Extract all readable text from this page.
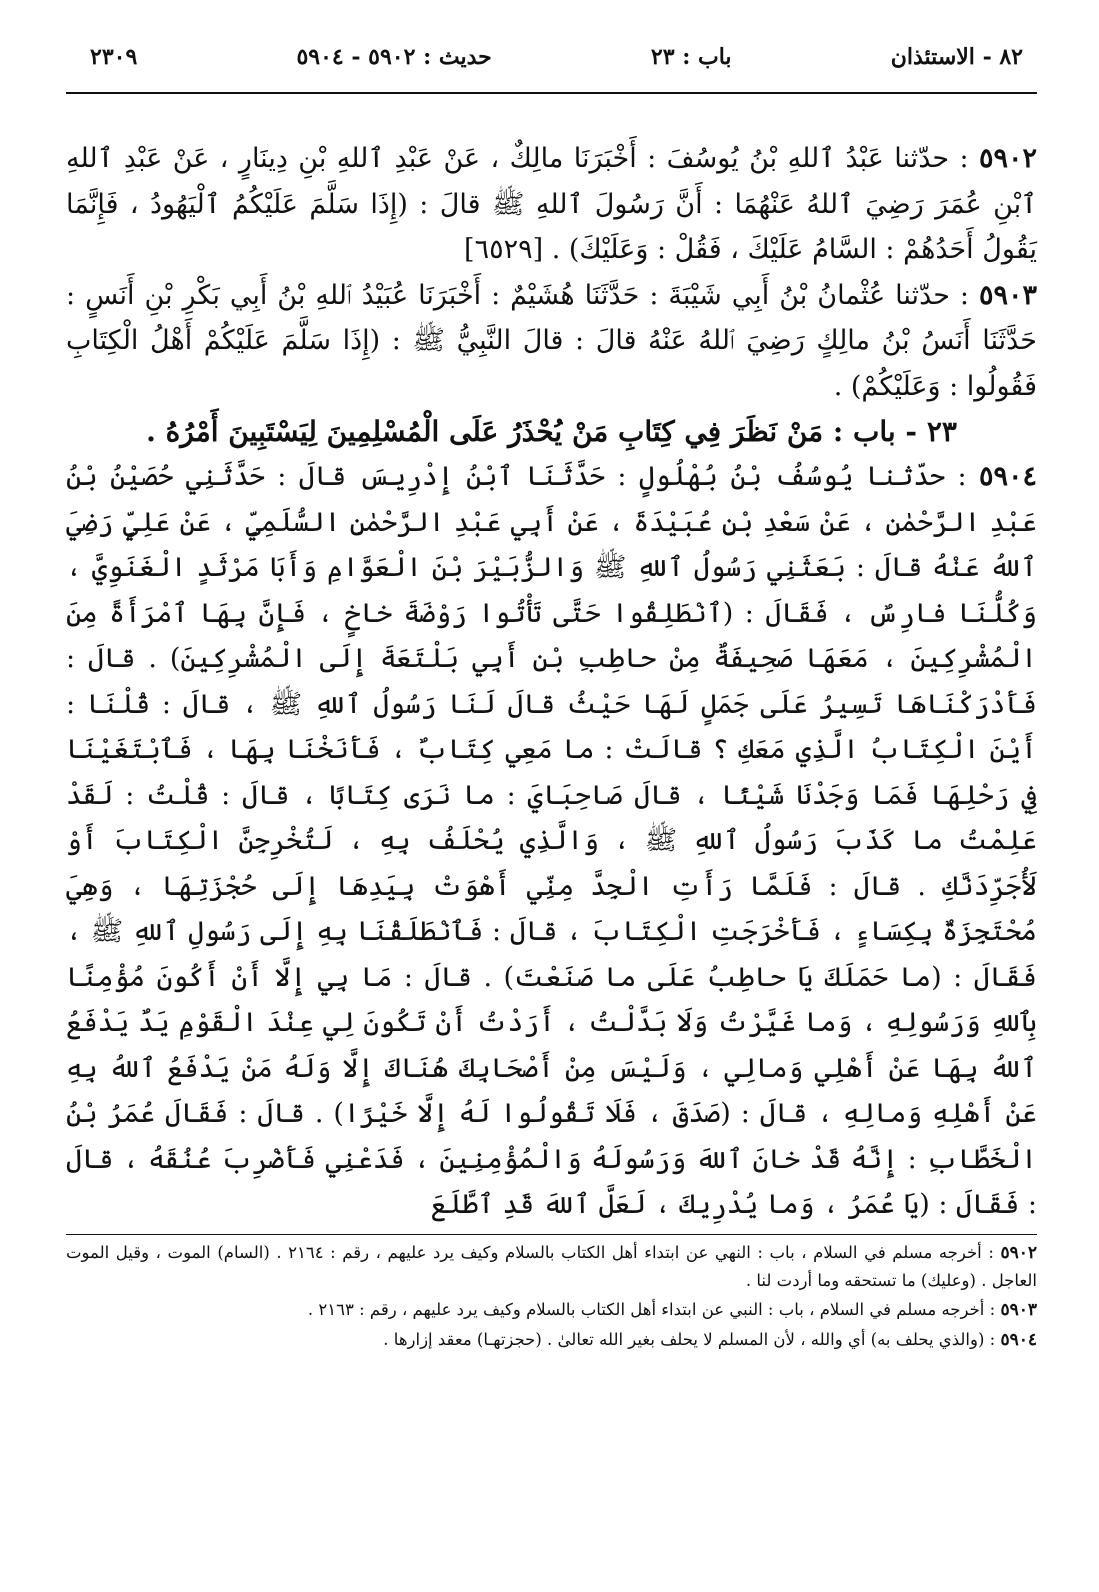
٨٢ - الاستئذان
باب : ٢٣
حديث : ٥٩٠٢ - ٥٩٠٤
٢٣٠٩

٥٩٠٢ : حدّثنا عَبْدُ ٱللهِ بْنُ يُوسُفَ : أَخْبَرَنَا مالِكٌ ، عَنْ عَبْدِ ٱللهِ بْنِ دِينَارٍ ، عَنْ عَبْدِ ٱللهِ ٱبْنِ عُمَرَ رَضِيَ ٱللهُ عَنْهُمَا : أَنَّ رَسُولَ ٱللهِ ﷺ قالَ : (إِذَا سَلَّمَ عَلَيْكُمُ ٱلْيَهُودُ ، فَإِنَّمَا يَقُولُ أَحَدُهُمْ : السَّامُ عَلَيْكَ ، فَقُلْ : وَعَلَيْكَ) . [٦٥٢٩]

٥٩٠٣ : حدّثنا عُثْمانُ بْنُ أَبِي شَيْبَةَ : حَدَّثَنَا هُشَيْمٌ : أَخْبَرَنَا عُبَيْدُ ٱللهِ بْنُ أَبِي بَكْرِ بْنِ أَنَسٍ : حَدَّثَنَا أَنَسُ بْنُ مالِكٍ رَضِيَ ٱللهُ عَنْهُ قالَ : قالَ النَّبِيُّ ﷺ : (إِذَا سَلَّمَ عَلَيْكُمْ أَهْلُ الْكِتَابِ فَقُولُوا : وَعَلَيْكُمْ) .

٢٣ - باب : مَنْ نَظَرَ فِي كِتَابِ مَنْ يُحْذَرُ عَلَى الْمُسْلِمِينَ لِيَسْتَبِينَ أَمْرُهُ .

٥٩٠٤ : حدّثنا يُوسُفُ بْنُ بُهْلُولٍ : حَدَّثَنَا ٱبْنُ إِدْرِيسَ قالَ : حَدَّثَنِي حُصَيْنُ بْنُ عَبْدِ الرَّحْمٰنِ ، عَنْ سَعْدِ بْنِ عُبَيْدَةَ ، عَنْ أَبِي عَبْدِ الرَّحْمٰنِ السُّلَمِيِّ ، عَنْ عَلِيٍّ رَضِيَ ٱللهُ عَنْهُ قالَ : بَعَثَنِي رَسُولُ ٱللهِ ﷺ وَالزُّبَيْرَ بْنَ الْعَوَّامِ وَأَبَا مَرْثَدٍ الْغَنَوِيَّ ، وَكُلُّنَا فارِسٌ ، فَقَالَ : (ٱنْطَلِقُوا حَتَّى تَأْتُوا رَوْضَةَ خاخٍ ، فَإِنَّ بِهَا ٱمْرَأَةً مِنَ الْمُشْرِكِينَ ، مَعَهَا صَحِيفَةٌ مِنْ حاطِبِ بْنِ أَبِي بَلْتَعَةَ إِلَى الْمُشْرِكِينَ) . قالَ : فَأَدْرَكْنَاهَا تَسِيرُ عَلَى جَمَلٍ لَهَا حَيْثُ قالَ لَنَا رَسُولُ ٱللهِ ﷺ ، قالَ : قُلْنَا : أَيْنَ الْكِتَابُ الَّذِي مَعَكِ ؟ قالَتْ : ما مَعِي كِتَابٌ ، فَأَنَخْنَا بِهَا ، فَٱبْتَغَيْنَا فِي رَحْلِهَا فَمَا وَجَدْنَا شَيْئًا ، قالَ صَاحِبَايَ : ما نَرَى كِتَابًا ، قالَ : قُلْتُ : لَقَدْ عَلِمْتُ ما كَذَبَ رَسُولُ ٱللهِ ﷺ ، وَالَّذِي يُحْلَفُ بِهِ ، لَتُخْرِجِنَّ الْكِتَابَ أَوْ لَأُجَرِّدَنَّكِ . قالَ : فَلَمَّا رَأَتِ الْجِدَّ مِنِّي أَهْوَتْ بِيَدِهَا إِلَى حُجْزَتِهَا ، وَهِيَ مُحْتَجِزَةٌ بِكِسَاءٍ ، فَأَخْرَجَتِ الْكِتَابَ ، قالَ : فَٱنْطَلَقْنَا بِهِ إِلَى رَسُولِ ٱللهِ ﷺ ، فَقَالَ : (ما حَمَلَكَ يَا حاطِبُ عَلَى ما صَنَعْتَ) . قالَ : مَا بِي إِلَّا أَنْ أَكُونَ مُؤْمِنًا بِٱللهِ وَرَسُولِهِ ، وَما غَيَّرْتُ وَلَا بَدَّلْتُ ، أَرَدْتُ أَنْ تَكُونَ لِي عِنْدَ الْقَوْمِ يَدٌ يَدْفَعُ ٱللهُ بِهَا عَنْ أَهْلِي وَمالِي ، وَلَيْسَ مِنْ أَصْحَابِكَ هُنَاكَ إِلَّا وَلَهُ مَنْ يَدْفَعُ ٱللهُ بِهِ عَنْ أَهْلِهِ وَمالِهِ ، قالَ : (صَدَقَ ، فَلَا تَقُولُوا لَهُ إِلَّا خَيْرًا) . قالَ : فَقَالَ عُمَرُ بْنُ الْخَطَّابِ : إِنَّهُ قَدْ خانَ ٱللهَ وَرَسُولَهُ وَالْمُؤْمِنِينَ ، فَدَعْنِي فَأَضْرِبَ عُنُقَهُ ، قالَ : فَقَالَ : (يَا عُمَرُ ، وَما يُدْرِيكَ ، لَعَلَّ ٱللهَ قَدِ ٱطَّلَعَ

٥٩٠٢ : أخرجه مسلم في السلام ، باب : النهي عن ابتداء أهل الكتاب بالسلام وكيف يرد عليهم ، رقم : ٢١٦٤ . (السام) الموت ، وقيل الموت العاجل . (وعليك) ما تستحقه وما أردت لنا .

٥٩٠٣ : أخرجه مسلم في السلام ، باب : النبي عن ابتداء أهل الكتاب بالسلام وكيف يرد عليهم ، رقم : ٢١٦٣ .

٥٩٠٤ : (والذي يحلف به) أي والله ، لأن المسلم لا يحلف بغير الله تعالىٰ . (حجزتهـا) معقد إزارها .
